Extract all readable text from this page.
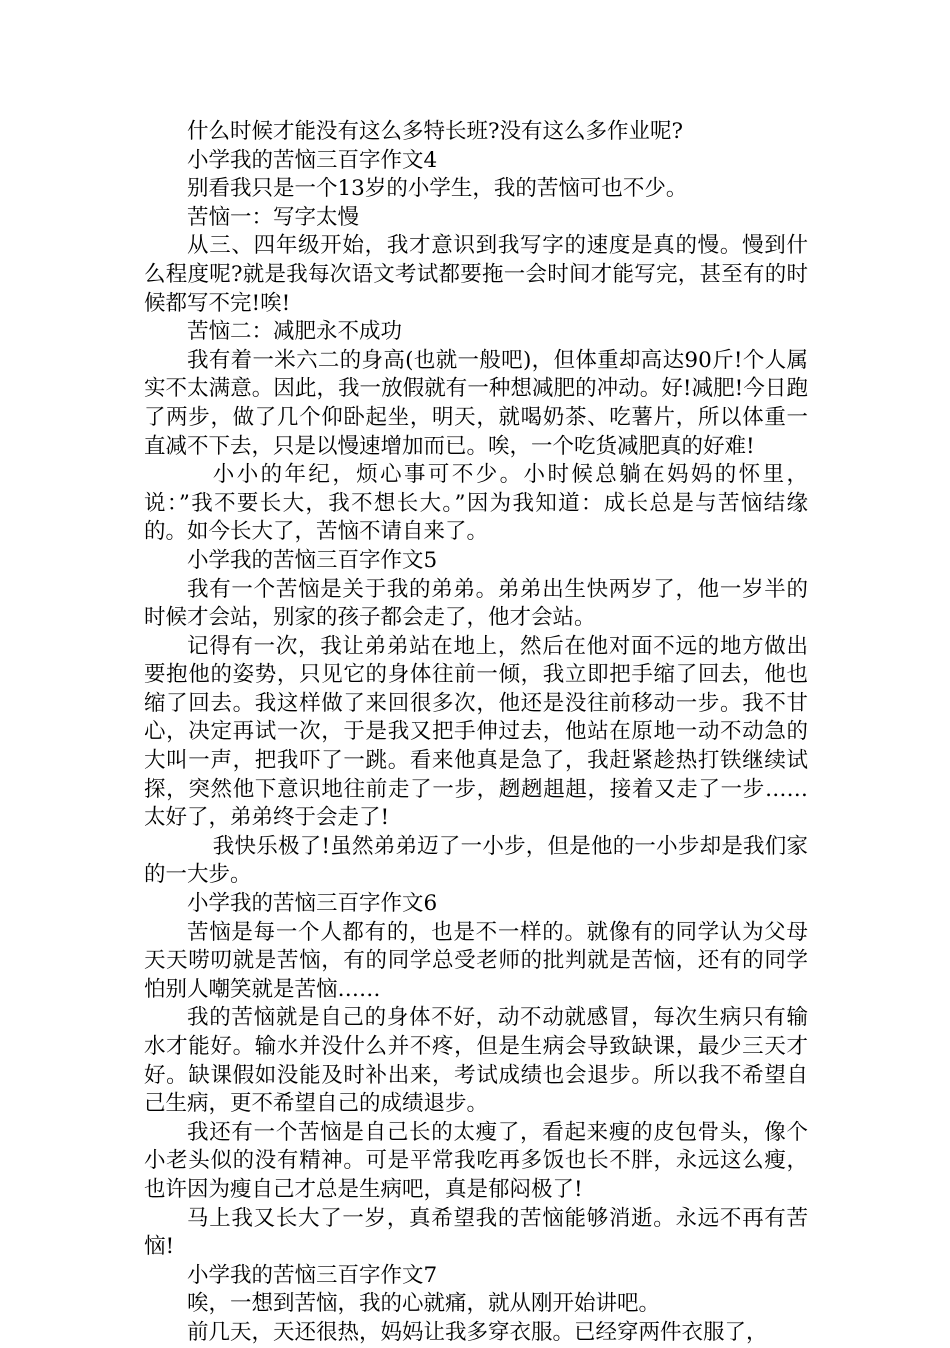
什么时候才能没有这么多特长班?没有这么多作业呢?

小学我的苦恼三百字作文4

别看我只是一个13岁的小学生，我的苦恼可也不少。

苦恼一：写字太慢

从三、四年级开始，我才意识到我写字的速度是真的慢。慢到什么程度呢?就是我每次语文考试都要拖一会时间才能写完，甚至有的时候都写不完!唉!

苦恼二：减肥永不成功

我有着一米六二的身高(也就一般吧)，但体重却高达90斤!个人属实不太满意。因此，我一放假就有一种想减肥的冲动。好!减肥!今日跑了两步，做了几个仰卧起坐，明天，就喝奶茶、吃薯片，所以体重一直减不下去，只是以慢速增加而已。唉，一个吃货减肥真的好难!

小小的年纪，烦心事可不少。小时候总躺在妈妈的怀里，说：”我不要长大，我不想长大。”因为我知道：成长总是与苦恼结缘的。如今长大了，苦恼不请自来了。

小学我的苦恼三百字作文5

我有一个苦恼是关于我的弟弟。弟弟出生快两岁了，他一岁半的时候才会站，别家的孩子都会走了，他才会站。

记得有一次，我让弟弟站在地上，然后在他对面不远的地方做出要抱他的姿势，只见它的身体往前一倾，我立即把手缩了回去，他也缩了回去。我这样做了来回很多次，他还是没往前移动一步。我不甘心，决定再试一次，于是我又把手伸过去，他站在原地一动不动急的大叫一声，把我吓了一跳。看来他真是急了，我赶紧趁热打铁继续试探，突然他下意识地往前走了一步，趔趔趄趄，接着又走了一步……太好了，弟弟终于会走了!

我快乐极了!虽然弟弟迈了一小步，但是他的一小步却是我们家的一大步。

小学我的苦恼三百字作文6

苦恼是每一个人都有的，也是不一样的。就像有的同学认为父母天天唠叨就是苦恼，有的同学总受老师的批判就是苦恼，还有的同学怕别人嘲笑就是苦恼……

我的苦恼就是自己的身体不好，动不动就感冒，每次生病只有输水才能好。输水并没什么并不疼，但是生病会导致缺课，最少三天才好。缺课假如没能及时补出来，考试成绩也会退步。所以我不希望自己生病，更不希望自己的成绩退步。

我还有一个苦恼是自己长的太瘦了，看起来瘦的皮包骨头，像个小老头似的没有精神。可是平常我吃再多饭也长不胖，永远这么瘦，也许因为瘦自己才总是生病吧，真是郁闷极了!

马上我又长大了一岁，真希望我的苦恼能够消逝。永远不再有苦恼!

小学我的苦恼三百字作文7

唉，一想到苦恼，我的心就痛，就从刚开始讲吧。

前几天，天还很热，妈妈让我多穿衣服。已经穿两件衣服了，
